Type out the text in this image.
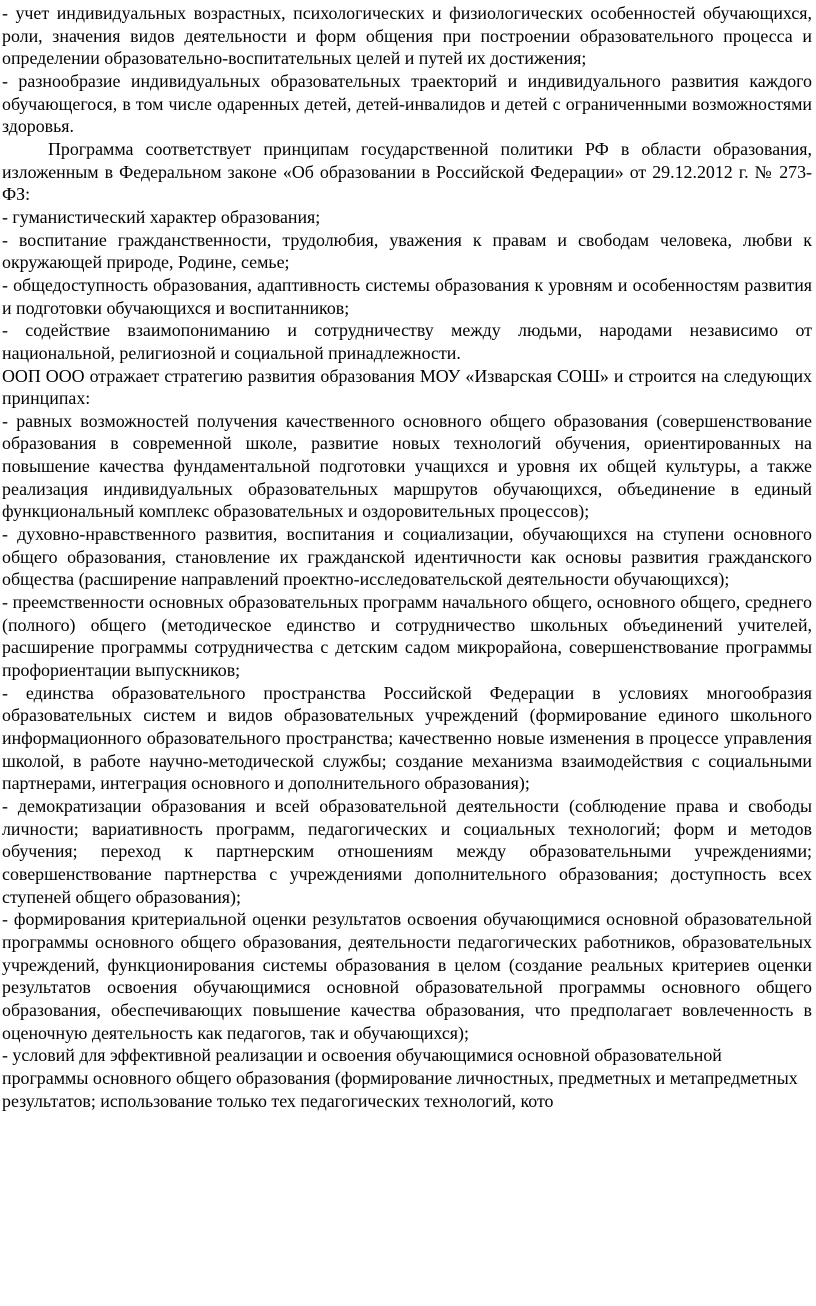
- учет индивидуальных возрастных, психологических и физиологических особенностей обучающихся, роли, значения видов деятельности и форм общения при построении образовательного процесса и определении образовательно-воспитательных целей и путей их достижения;

- разнообразие индивидуальных образовательных траекторий и индивидуального развития каждого обучающегося, в том числе одаренных детей, детей-инвалидов и детей с ограниченными возможностями здоровья.

Программа соответствует принципам государственной политики РФ в области образования, изложенным в Федеральном законе «Об образовании в Российской Федерации» от 29.12.2012 г. № 273-ФЗ:

- гуманистический характер образования;

- воспитание гражданственности, трудолюбия, уважения к правам и свободам человека, любви к окружающей природе, Родине, семье;

- общедоступность образования, адаптивность системы образования к уровням и особенностям развития и подготовки обучающихся и воспитанников;

- содействие взаимопониманию и сотрудничеству между людьми, народами независимо от национальной, религиозной и социальной принадлежности.

ООП ООО отражает стратегию развития образования МОУ «Изварская СОШ» и строится на следующих принципах:

- равных возможностей получения качественного основного общего образования (совершенствование образования в современной школе, развитие новых технологий обучения, ориентированных на повышение качества фундаментальной подготовки учащихся и уровня их общей культуры, а также реализация индивидуальных образовательных маршрутов обучающихся, объединение в единый функциональный комплекс образовательных и оздоровительных процессов);

- духовно-нравственного развития, воспитания и социализации, обучающихся на ступени основного общего образования, становление их гражданской идентичности как основы развития гражданского общества (расширение направлений проектно-исследовательской деятельности обучающихся);

- преемственности основных образовательных программ начального общего, основного общего, среднего (полного) общего (методическое единство и сотрудничество школьных объединений учителей, расширение программы сотрудничества с детским садом микрорайона, совершенствование программы профориентации выпускников;

- единства образовательного пространства Российской Федерации в условиях многообразия образовательных систем и видов образовательных учреждений (формирование единого школьного информационного образовательного пространства; качественно новые изменения в процессе управления школой, в работе научно-методической службы; создание механизма взаимодействия с социальными партнерами, интеграция основного и дополнительного образования);

- демократизации образования и всей образовательной деятельности (соблюдение права и свободы личности; вариативность программ, педагогических и социальных технологий; форм и методов обучения; переход к партнерским отношениям между образовательными учреждениями; совершенствование партнерства с учреждениями дополнительного образования; доступность всех ступеней общего образования);

- формирования критериальной оценки результатов освоения обучающимися основной образовательной программы основного общего образования, деятельности педагогических работников, образовательных учреждений, функционирования системы образования в целом (создание реальных критериев оценки результатов освоения обучающимися основной образовательной программы основного общего образования, обеспечивающих повышение качества образования, что предполагает вовлеченность в оценочную деятельность как педагогов, так и обучающихся);

- условий для эффективной реализации и освоения обучающимися основной образовательной программы основного общего образования (формирование личностных, предметных и метапредметных результатов; использование только тех педагогических технологий, кото
